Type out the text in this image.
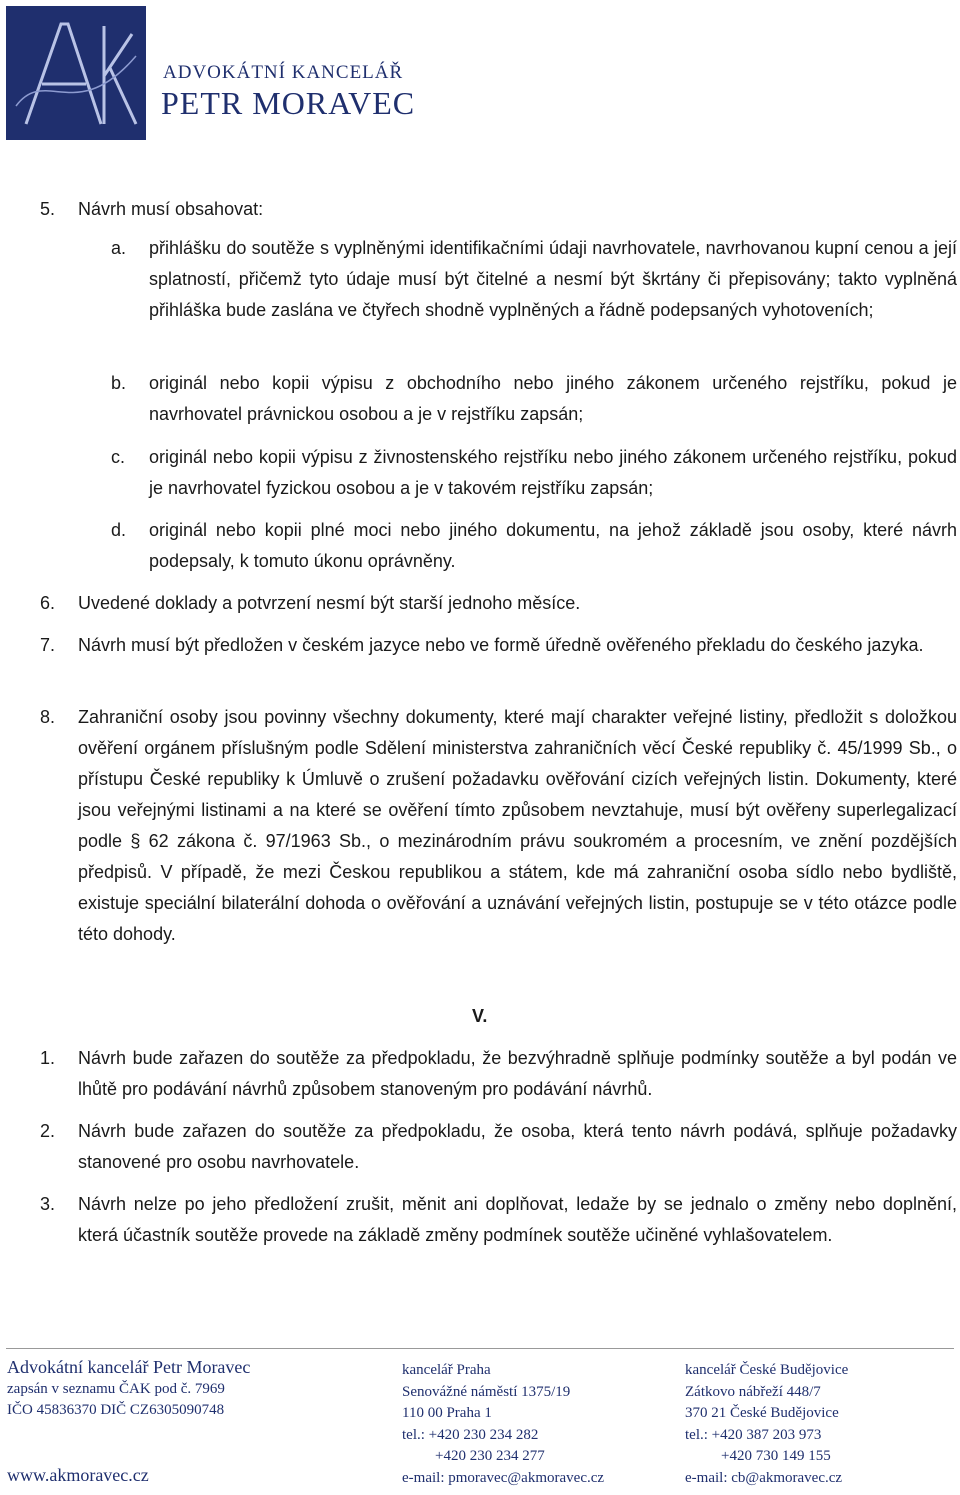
ADVOKÁTNÍ KANCELÁŘ
PETR MORAVEC
5. Návrh musí obsahovat:
a. přihlášku do soutěže s vyplněnými identifikačními údaji navrhovatele, navrhovanou kupní cenou a její splatností, přičemž tyto údaje musí být čitelné a nesmí být škrtány či přepisovány; takto vyplněná přihláška bude zaslána ve čtyřech shodně vyplněných a řádně podepsaných vyhotoveních;
b. originál nebo kopii výpisu z obchodního nebo jiného zákonem určeného rejstříku, pokud je navrhovatel právnickou osobou a je v rejstříku zapsán;
c. originál nebo kopii výpisu z živnostenského rejstříku nebo jiného zákonem určeného rejstříku, pokud je navrhovatel fyzickou osobou a je v takovém rejstříku zapsán;
d. originál nebo kopii plné moci nebo jiného dokumentu, na jehož základě jsou osoby, které návrh podepsaly, k tomuto úkonu oprávněny.
6. Uvedené doklady a potvrzení nesmí být starší jednoho měsíce.
7. Návrh musí být předložen v českém jazyce nebo ve formě úředně ověřeného překladu do českého jazyka.
8. Zahraniční osoby jsou povinny všechny dokumenty, které mají charakter veřejné listiny, předložit s doložkou ověření orgánem příslušným podle Sdělení ministerstva zahraničních věcí České republiky č. 45/1999 Sb., o přístupu České republiky k Úmluvě o zrušení požadavku ověřování cizích veřejných listin. Dokumenty, které jsou veřejnými listinami a na které se ověření tímto způsobem nevztahuje, musí být ověřeny superlegalizací podle § 62 zákona č. 97/1963 Sb., o mezinárodním právu soukromém a procesním, ve znění pozdějších předpisů. V případě, že mezi Českou republikou a státem, kde má zahraniční osoba sídlo nebo bydliště, existuje speciální bilaterální dohoda o ověřování a uznávání veřejných listin, postupuje se v této otázce podle této dohody.
V.
1. Návrh bude zařazen do soutěže za předpokladu, že bezvýhradně splňuje podmínky soutěže a byl podán ve lhůtě pro podávání návrhů způsobem stanoveným pro podávání návrhů.
2. Návrh bude zařazen do soutěže za předpokladu, že osoba, která tento návrh podává, splňuje požadavky stanovené pro osobu navrhovatele.
3. Návrh nelze po jeho předložení zrušit, měnit ani doplňovat, ledaže by se jednalo o změny nebo doplnění, která účastník soutěže provede na základě změny podmínek soutěže učiněné vyhlašovatelem.
Advokátní kancelář Petr Moravec
zapsán v seznamu ČAK pod č. 7969
IČO 45836370 DIČ CZ6305090748
www.akmoravec.cz
kancelář Praha
Senovážné náměstí 1375/19
110 00 Praha 1
tel.: +420 230 234 282
+420 230 234 277
e-mail: pmoravec@akmoravec.cz
kancelář České Budějovice
Zátkovo nábřeží 448/7
370 21 České Budějovice
tel.: +420 387 203 973
+420 730 149 155
e-mail: cb@akmoravec.cz
